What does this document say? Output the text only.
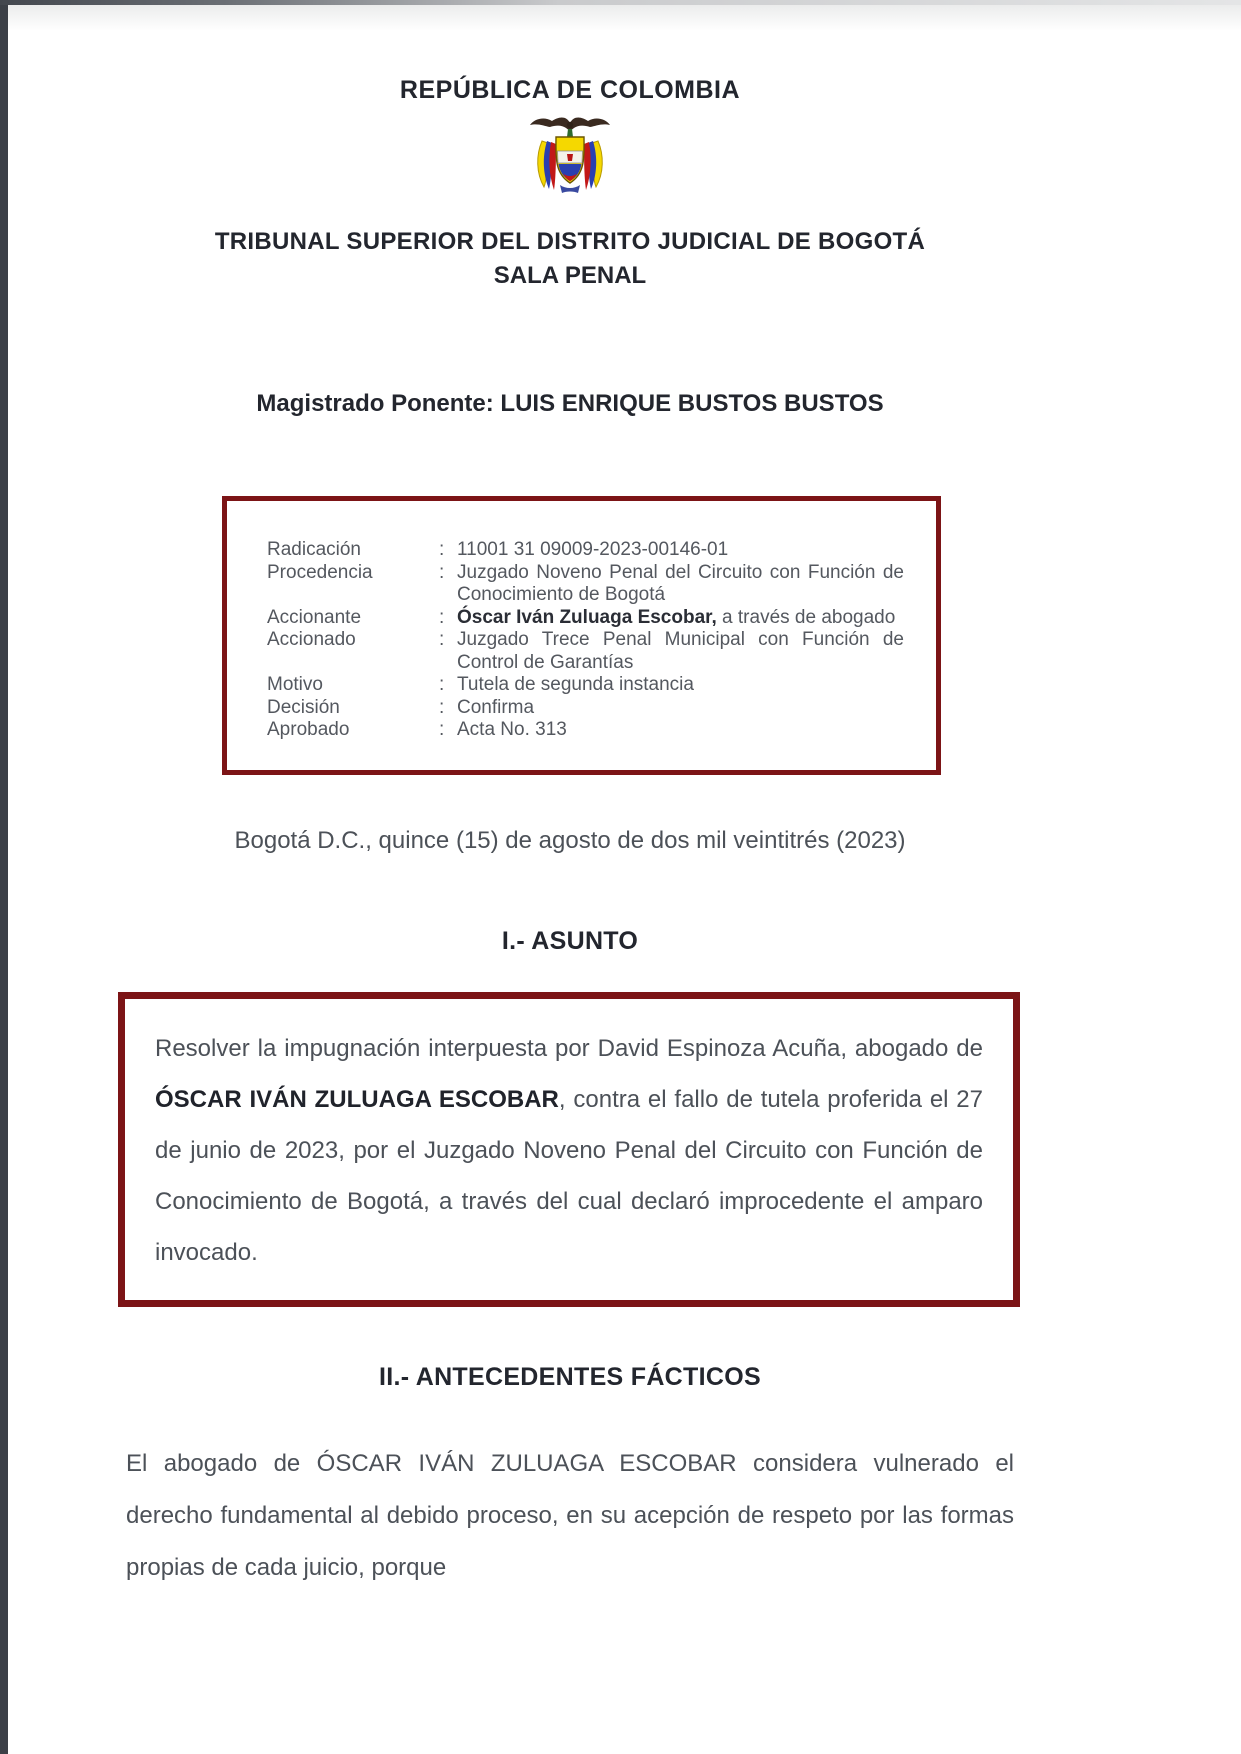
REPÚBLICA DE COLOMBIA
TRIBUNAL SUPERIOR DEL DISTRITO JUDICIAL DE BOGOTÁ
SALA PENAL
Magistrado Ponente: LUIS ENRIQUE BUSTOS BUSTOS
Radicación	: 11001 31 09009-2023-00146-01
Procedencia	: Juzgado Noveno Penal del Circuito con Función de Conocimiento de Bogotá
Accionante	: Óscar Iván Zuluaga Escobar, a través de abogado
Accionado	: Juzgado Trece Penal Municipal con Función de Control de Garantías
Motivo	: Tutela de segunda instancia
Decisión	: Confirma
Aprobado	: Acta No. 313

Bogotá D.C., quince (15) de agosto de dos mil veintitrés (2023)

I.- ASUNTO

Resolver la impugnación interpuesta por David Espinoza Acuña, abogado de ÓSCAR IVÁN ZULUAGA ESCOBAR, contra el fallo de tutela proferida el 27 de junio de 2023, por el Juzgado Noveno Penal del Circuito con Función de Conocimiento de Bogotá, a través del cual declaró improcedente el amparo invocado.

II.- ANTECEDENTES FÁCTICOS

El abogado de ÓSCAR IVÁN ZULUAGA ESCOBAR considera vulnerado el derecho fundamental al debido proceso, en su acepción de respeto por las formas propias de cada juicio, porque
